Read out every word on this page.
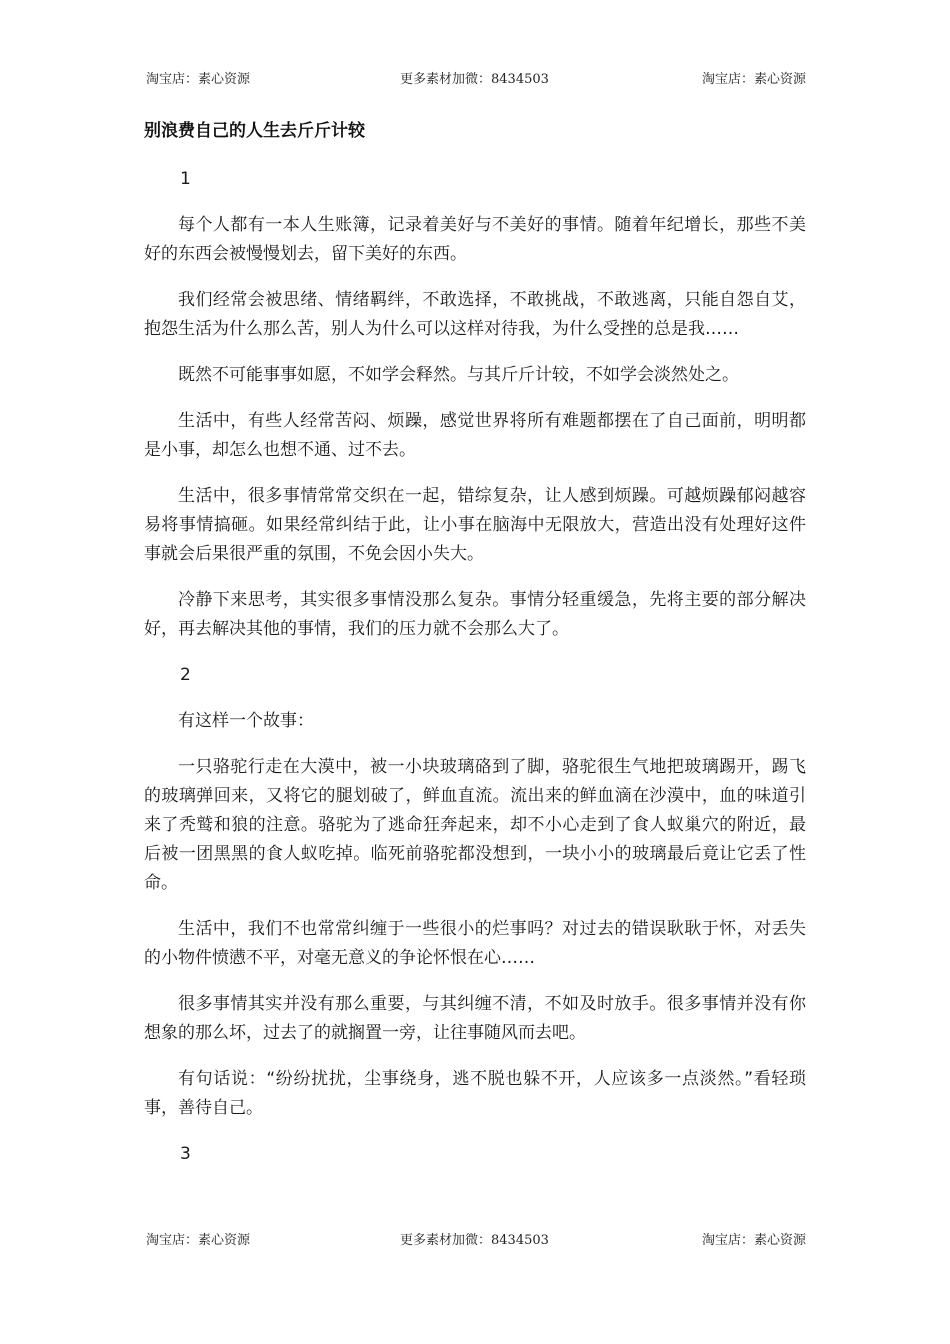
淘宝店：素心资源	更多素材加微：8434503	淘宝店：素心资源
别浪费自己的人生去斤斤计较

1

每个人都有一本人生账簿，记录着美好与不美好的事情。随着年纪增长，那些不美好的东西会被慢慢划去，留下美好的东西。

我们经常会被思绪、情绪羁绊，不敢选择，不敢挑战，不敢逃离，只能自怨自艾，抱怨生活为什么那么苦，别人为什么可以这样对待我，为什么受挫的总是我……

既然不可能事事如愿，不如学会释然。与其斤斤计较，不如学会淡然处之。

生活中，有些人经常苦闷、烦躁，感觉世界将所有难题都摆在了自己面前，明明都是小事，却怎么也想不通、过不去。

生活中，很多事情常常交织在一起，错综复杂，让人感到烦躁。可越烦躁郁闷越容易将事情搞砸。如果经常纠结于此，让小事在脑海中无限放大，营造出没有处理好这件事就会后果很严重的氛围，不免会因小失大。

冷静下来思考，其实很多事情没那么复杂。事情分轻重缓急，先将主要的部分解决好，再去解决其他的事情，我们的压力就不会那么大了。

2

有这样一个故事：

一只骆驼行走在大漠中，被一小块玻璃硌到了脚，骆驼很生气地把玻璃踢开，踢飞的玻璃弹回来，又将它的腿划破了，鲜血直流。流出来的鲜血滴在沙漠中，血的味道引来了秃鹫和狼的注意。骆驼为了逃命狂奔起来，却不小心走到了食人蚁巢穴的附近，最后被一团黑黑的食人蚁吃掉。临死前骆驼都没想到，一块小小的玻璃最后竟让它丢了性命。

生活中，我们不也常常纠缠于一些很小的烂事吗？对过去的错误耿耿于怀，对丢失的小物件愤懑不平，对毫无意义的争论怀恨在心……

很多事情其实并没有那么重要，与其纠缠不清，不如及时放手。很多事情并没有你想象的那么坏，过去了的就搁置一旁，让往事随风而去吧。

有句话说：“纷纷扰扰，尘事绕身，逃不脱也躲不开，人应该多一点淡然。”看轻琐事，善待自己。

3

淘宝店：素心资源	更多素材加微：8434503	淘宝店：素心资源
